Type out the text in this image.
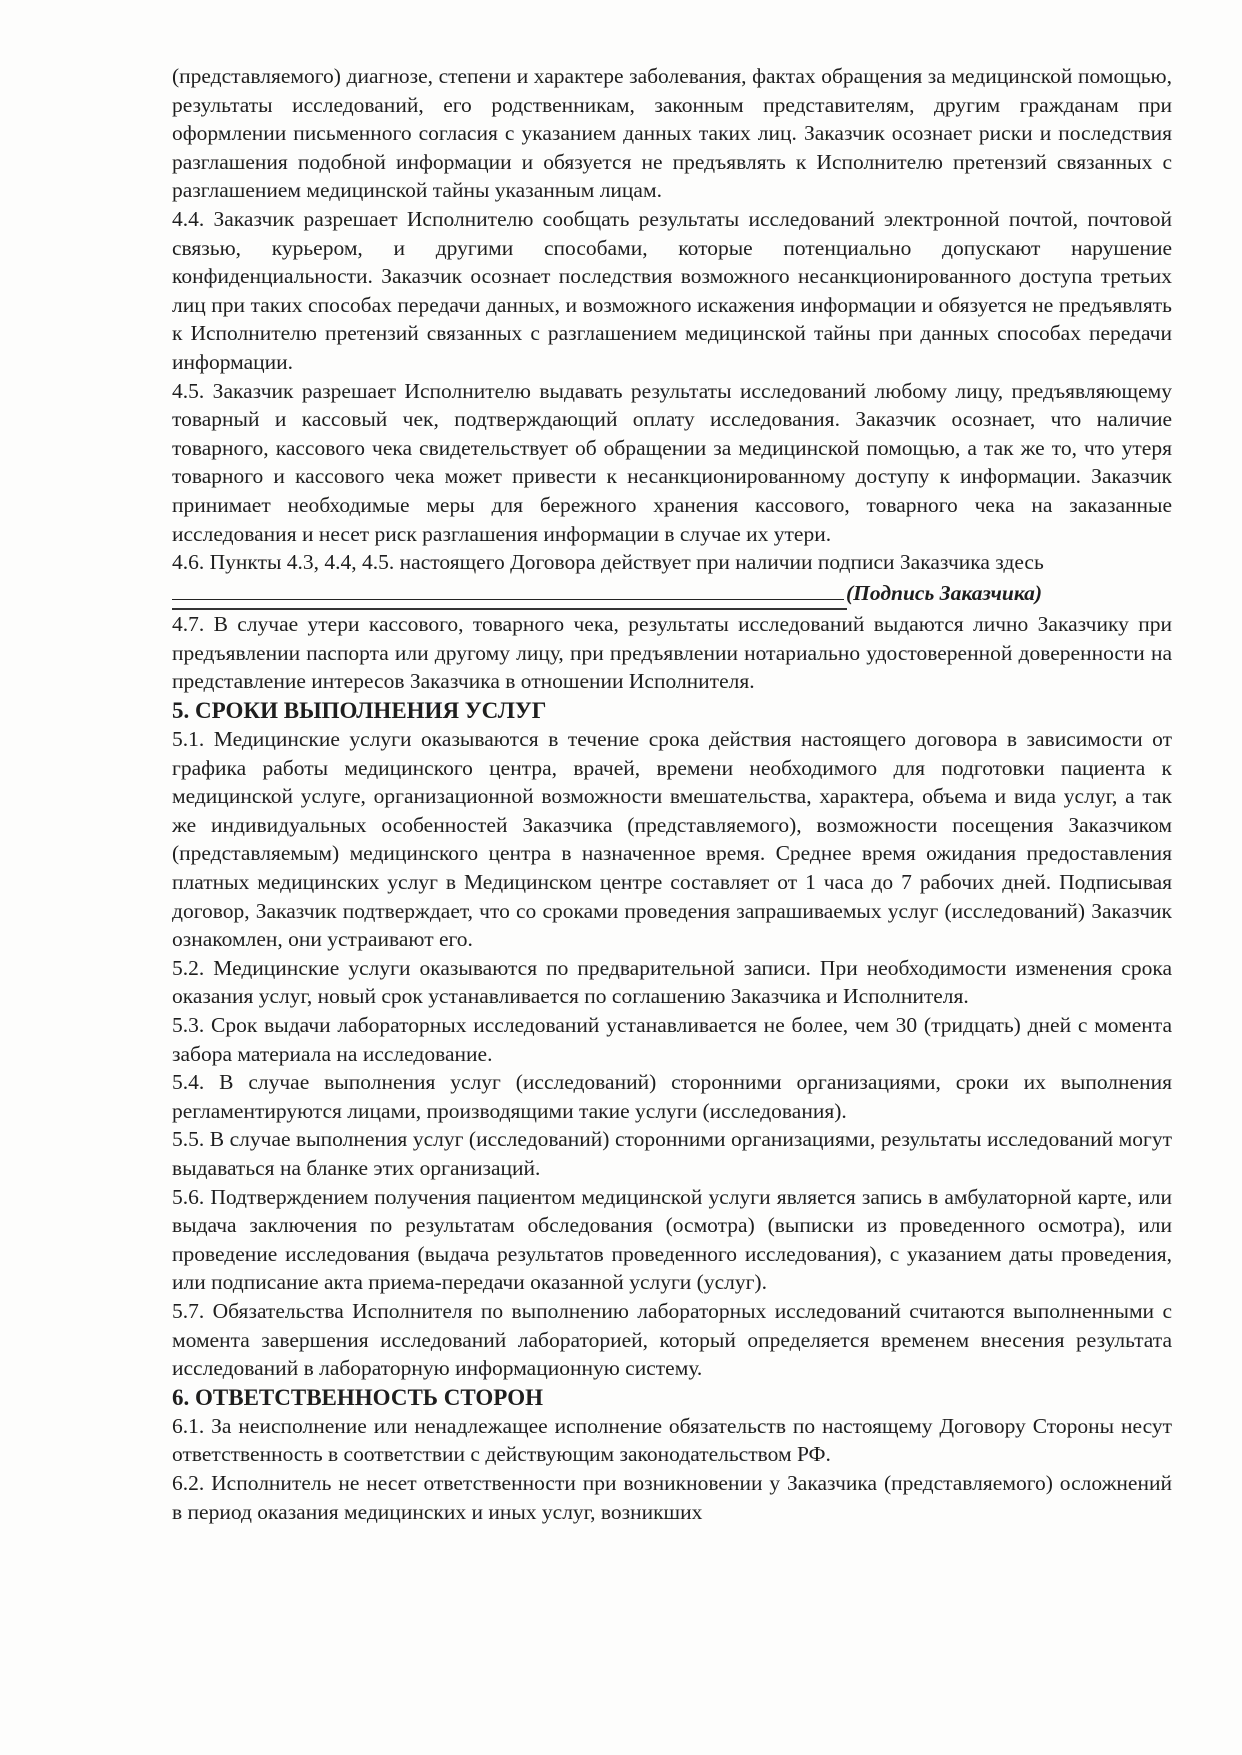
(представляемого) диагнозе, степени и характере заболевания, фактах обращения за медицинской помощью, результаты исследований, его родственникам, законным представителям, другим гражданам при оформлении письменного согласия с указанием данных таких лиц. Заказчик осознает риски и последствия разглашения подобной информации и обязуется не предъявлять к Исполнителю претензий связанных с разглашением медицинской тайны указанным лицам.

4.4. Заказчик разрешает Исполнителю сообщать результаты исследований электронной почтой, почтовой связью, курьером, и другими способами, которые потенциально допускают нарушение конфиденциальности. Заказчик осознает последствия возможного несанкционированного доступа третьих лиц при таких способах передачи данных, и возможного искажения информации и обязуется не предъявлять к Исполнителю претензий связанных с разглашением медицинской тайны при данных способах передачи информации.

4.5. Заказчик разрешает Исполнителю выдавать результаты исследований любому лицу, предъявляющему товарный и кассовый чек, подтверждающий оплату исследования. Заказчик осознает, что наличие товарного, кассового чека свидетельствует об обращении за медицинской помощью, а так же то, что утеря товарного и кассового чека может привести к несанкционированному доступу к информации. Заказчик принимает необходимые меры для бережного хранения кассового, товарного чека на заказанные исследования и несет риск разглашения информации в случае их утери.

4.6. Пункты 4.3, 4.4, 4.5. настоящего Договора действует при наличии подписи Заказчика здесь

(Подпись Заказчика)

4.7. В случае утери кассового, товарного чека, результаты исследований выдаются лично Заказчику при предъявлении паспорта или другому лицу, при предъявлении нотариально удостоверенной доверенности на представление интересов Заказчика в отношении Исполнителя.

5. СРОКИ ВЫПОЛНЕНИЯ УСЛУГ

5.1. Медицинские услуги оказываются в течение срока действия настоящего договора в зависимости от графика работы медицинского центра, врачей, времени необходимого для подготовки пациента к медицинской услуге, организационной возможности вмешательства, характера, объема и вида услуг, а так же индивидуальных особенностей Заказчика (представляемого), возможности посещения Заказчиком (представляемым) медицинского центра в назначенное время. Среднее время ожидания предоставления платных медицинских услуг в Медицинском центре составляет от 1 часа до 7 рабочих дней. Подписывая договор, Заказчик подтверждает, что со сроками проведения запрашиваемых услуг (исследований) Заказчик ознакомлен, они устраивают его.

5.2. Медицинские услуги оказываются по предварительной записи. При необходимости изменения срока оказания услуг, новый срок устанавливается по соглашению Заказчика и Исполнителя.

5.3. Срок выдачи лабораторных исследований устанавливается не более, чем 30 (тридцать) дней с момента забора материала на исследование.

5.4. В случае выполнения услуг (исследований) сторонними организациями, сроки их выполнения регламентируются лицами, производящими такие услуги (исследования).

5.5. В случае выполнения услуг (исследований) сторонними организациями, результаты исследований могут выдаваться на бланке этих организаций.

5.6. Подтверждением получения пациентом медицинской услуги является запись в амбулаторной карте, или выдача заключения по результатам обследования (осмотра) (выписки из проведенного осмотра), или проведение исследования (выдача результатов проведенного исследования), с указанием даты проведения, или подписание акта приема-передачи оказанной услуги (услуг).

5.7. Обязательства Исполнителя по выполнению лабораторных исследований считаются выполненными с момента завершения исследований лабораторией, который определяется временем внесения результата исследований в лабораторную информационную систему.

6. ОТВЕТСТВЕННОСТЬ СТОРОН

6.1. За неисполнение или ненадлежащее исполнение обязательств по настоящему Договору Стороны несут ответственность в соответствии с действующим законодательством РФ.

6.2. Исполнитель не несет ответственности при возникновении у Заказчика (представляемого) осложнений в период оказания медицинских и иных услуг, возникших
